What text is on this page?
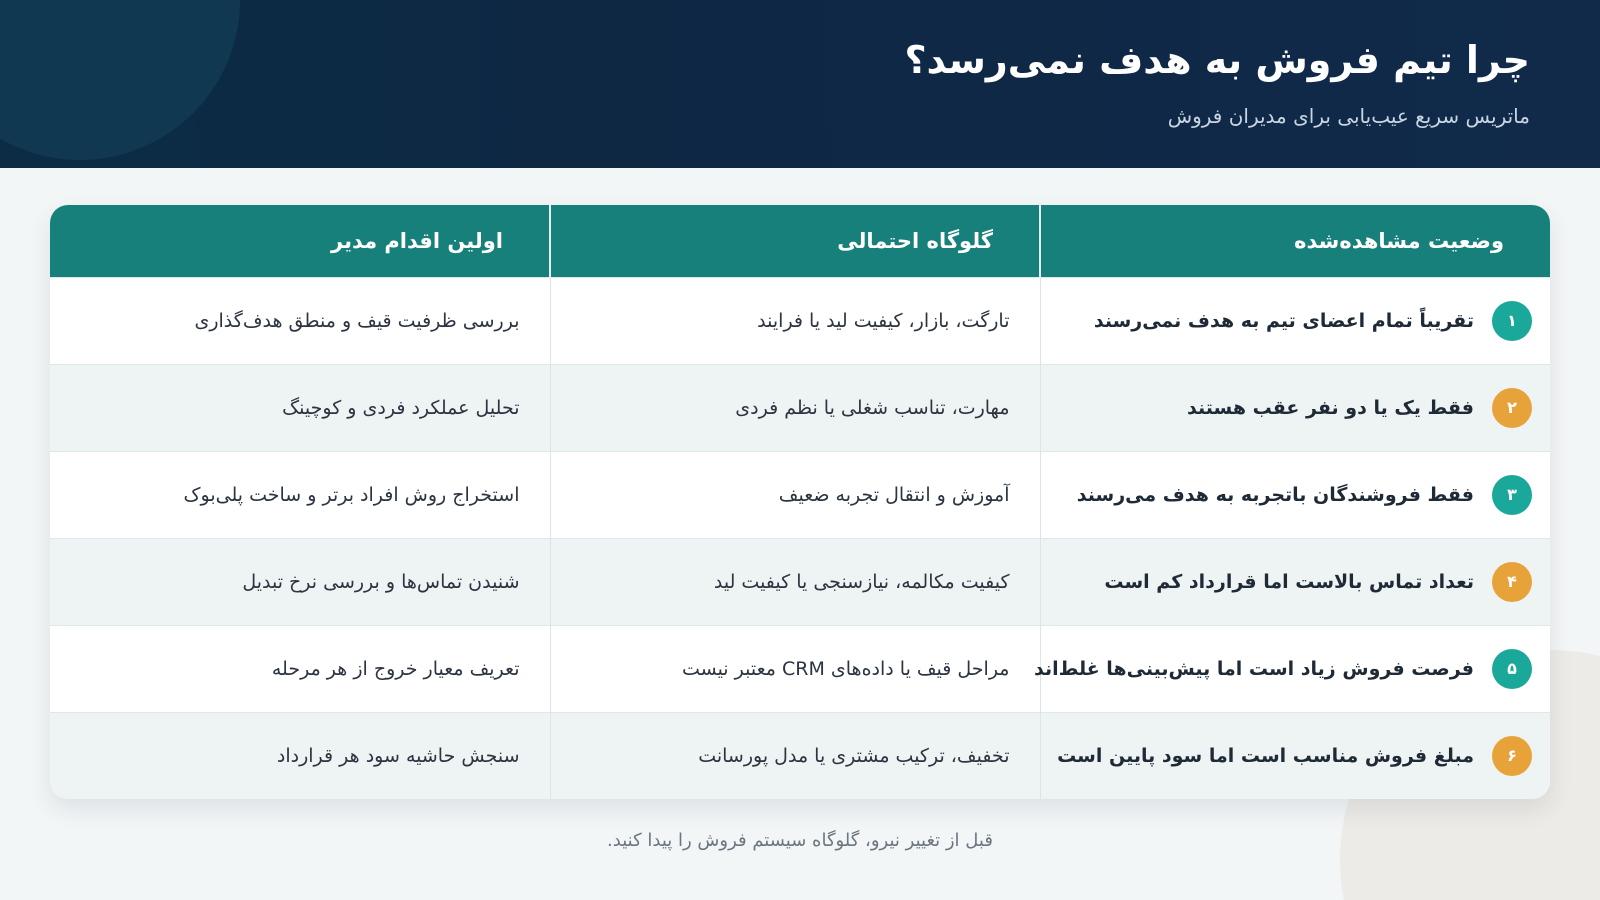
چرا تیم فروش به هدف نمی‌رسد؟
ماتریس سریع عیب‌یابی برای مدیران فروش
وضعیت مشاهده‌شده	گلوگاه احتمالی	اولین اقدام مدیر

۱
تقریباً تمام اعضای تیم به هدف نمی‌رسند	تارگت، بازار، کیفیت لید یا فرایند	بررسی ظرفیت قیف و منطق هدف‌گذاری

۲
فقط یک یا دو نفر عقب هستند	مهارت، تناسب شغلی یا نظم فردی	تحلیل عملکرد فردی و کوچینگ

۳
فقط فروشندگان باتجربه به هدف می‌رسند	آموزش و انتقال تجربه ضعیف	استخراج روش افراد برتر و ساخت پلی‌بوک

۴
تعداد تماس بالاست اما قرارداد کم است	کیفیت مکالمه، نیازسنجی یا کیفیت لید	شنیدن تماس‌ها و بررسی نرخ تبدیل

۵
فرصت فروش زیاد است اما پیش‌بینی‌ها غلط‌اند	مراحل قیف یا داده‌های CRM معتبر نیست	تعریف معیار خروج از هر مرحله

۶
مبلغ فروش مناسب است اما سود پایین است	تخفیف، ترکیب مشتری یا مدل پورسانت	سنجش حاشیه سود هر قرارداد
قبل از تغییر نیرو، گلوگاه سیستم فروش را پیدا کنید.
